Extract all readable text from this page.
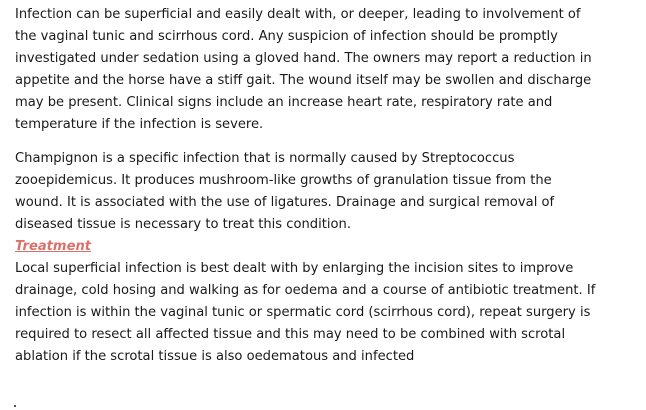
Infection can be superficial and easily dealt with, or deeper, leading to involvement of
the vaginal tunic and scirrhous cord. Any suspicion of infection should be promptly
investigated under sedation using a gloved hand. The owners may report a reduction in
appetite and the horse have a stiff gait. The wound itself may be swollen and discharge
may be present. Clinical signs include an increase heart rate, respiratory rate and
temperature if the infection is severe.

Champignon is a specific infection that is normally caused by Streptococcus
zooepidemicus. It produces mushroom-like growths of granulation tissue from the
wound. It is associated with the use of ligatures. Drainage and surgical removal of
diseased tissue is necessary to treat this condition.

Treatment

Local superficial infection is best dealt with by enlarging the incision sites to improve
drainage, cold hosing and walking as for oedema and a course of antibiotic treatment. If
infection is within the vaginal tunic or spermatic cord (scirrhous cord), repeat surgery is
required to resect all affected tissue and this may need to be combined with scrotal
ablation if the scrotal tissue is also oedematous and infected
